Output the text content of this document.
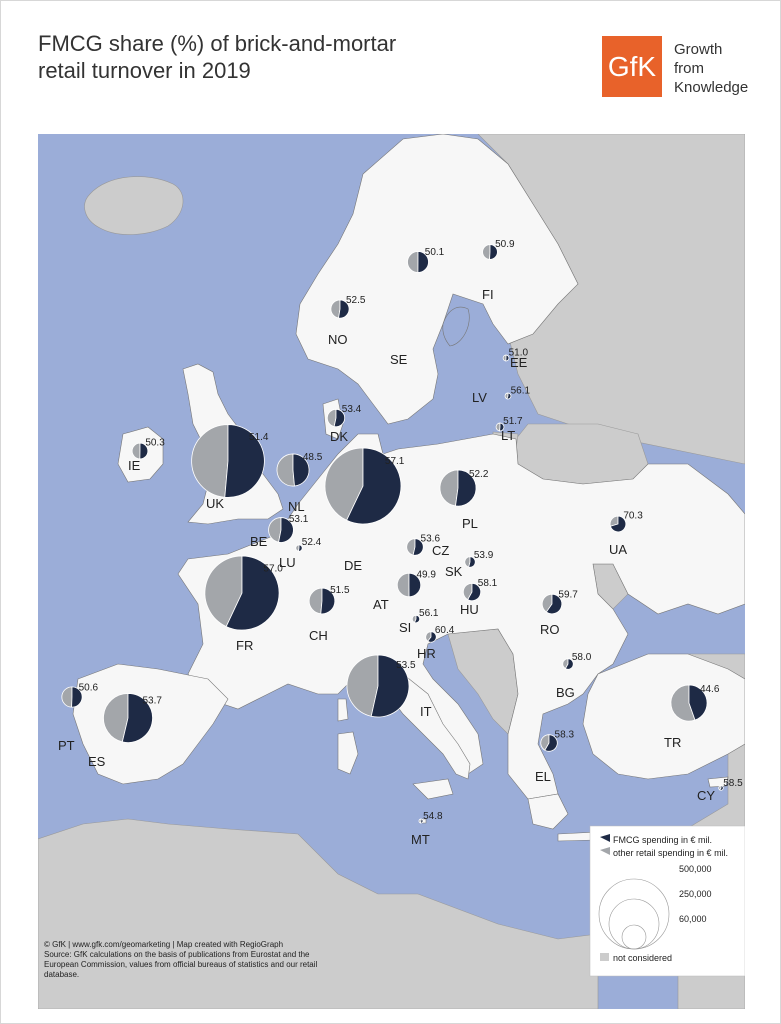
FMCG share (%) of brick-and-mortar
retail turnover in 2019	GfK
Growth
from
Knowledge
FMCG spending in € mil.
other retail spending in € mil.
500,000
250,000
60,000
not considered
© GfK | www.gfk.com/geomarketing | Map created with RegioGraph
Source: GfK calculations on the basis of publications from Eurostat and the
European Commission, values from official bureaus of statistics and our retail
database.
50.9
FI
50.1
SE
52.5
NO
51.0
EE
56.1
LV
51.7
LT
53.4
DK
50.3
IE
51.4
UK
48.5
NL
57.1
DE
52.2
PL
53.1
BE	52.4
LU
53.6
CZ 53.9
SK
70.3
UA
57.0
FR
51.5
CH
49.9
AT
58.1
HU
59.7
RO
56.1
SI 60.4
HR	58.0
BG
50.6
PT
53.7
ES
53.5
IT
44.6
TR
58.3
EL	58.5
CY
54.8
MT
